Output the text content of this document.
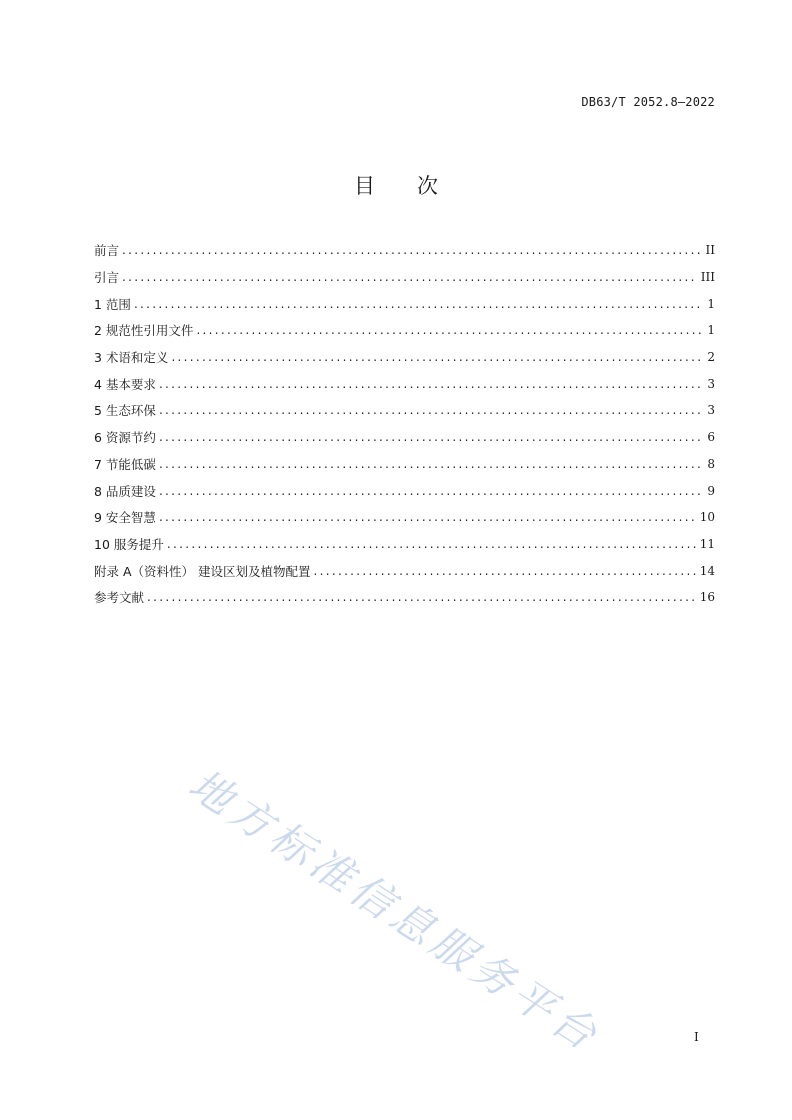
DB63/T 2052.8—2022
目 次
前言 .....	II
引言 .....	III
1 范围 .....	1
2 规范性引用文件 .....	1
3 术语和定义 .....	2
4 基本要求 .....	3
5 生态环保 .....	3
6 资源节约 .....	6
7 节能低碳 .....	8
8 品质建设 .....	9
9 安全智慧 .....	10
10 服务提升 .....	11
附录 A（资料性） 建设区划及植物配置 .....	14
参考文献 .....	16
地方标准信息服务平台	I
